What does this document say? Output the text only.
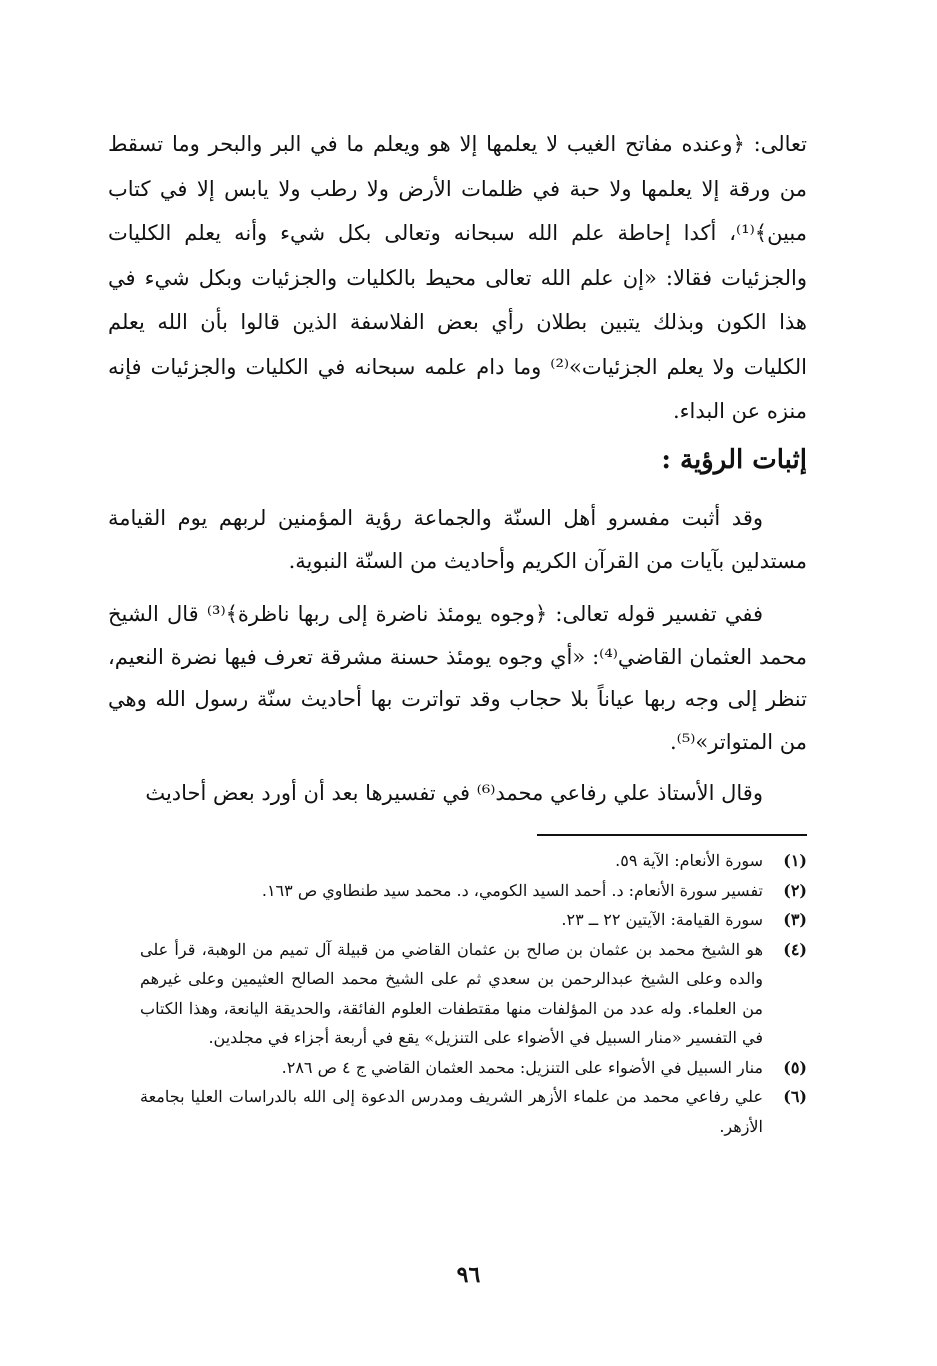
تعالى: ﴿وعنده مفاتح الغيب لا يعلمها إلا هو ويعلم ما في البر والبحر وما تسقط من ورقة إلا يعلمها ولا حبة في ظلمات الأرض ولا رطب ولا يابس إلا في كتاب مبين﴾⁽¹⁾، أكدا إحاطة علم الله سبحانه وتعالى بكل شيء وأنه يعلم الكليات والجزئيات فقالا: «إن علم الله تعالى محيط بالكليات والجزئيات وبكل شيء في هذا الكون وبذلك يتبين بطلان رأي بعض الفلاسفة الذين قالوا بأن الله يعلم الكليات ولا يعلم الجزئيات»⁽²⁾ وما دام علمه سبحانه في الكليات والجزئيات فإنه منزه عن البداء.

إثبات الرؤية :

وقد أثبت مفسرو أهل السنّة والجماعة رؤية المؤمنين لربهم يوم القيامة مستدلين بآيات من القرآن الكريم وأحاديث من السنّة النبوية.

ففي تفسير قوله تعالى: ﴿وجوه يومئذ ناضرة إلى ربها ناظرة﴾⁽³⁾ قال الشيخ محمد العثمان القاضي⁽⁴⁾: «أي وجوه يومئذ حسنة مشرقة تعرف فيها نضرة النعيم، تنظر إلى وجه ربها عياناً بلا حجاب وقد تواترت بها أحاديث سنّة رسول الله وهي من المتواتر»⁽⁵⁾.

وقال الأستاذ علي رفاعي محمد⁽⁶⁾ في تفسيرها بعد أن أورد بعض أحاديث

(١)
سورة الأنعام: الآية ٥٩.
(٢)
تفسير سورة الأنعام: د. أحمد السيد الكومي، د. محمد سيد طنطاوي ص ١٦٣.
(٣)
سورة القيامة: الآيتين ٢٢ ــ ٢٣.
(٤)
هو الشيخ محمد بن عثمان بن صالح بن عثمان القاضي من قبيلة آل تميم من الوهبة، قرأ على والده وعلى الشيخ عبدالرحمن بن سعدي ثم على الشيخ محمد الصالح العثيمين وعلى غيرهم من العلماء. وله عدد من المؤلفات منها مقتطفات العلوم الفائقة، والحديقة اليانعة، وهذا الكتاب في التفسير «منار السبيل في الأضواء على التنزيل» يقع في أربعة أجزاء في مجلدين.
(٥)
منار السبيل في الأضواء على التنزيل: محمد العثمان القاضي ج ٤ ص ٢٨٦.
(٦)
علي رفاعي محمد من علماء الأزهر الشريف ومدرس الدعوة إلى الله بالدراسات العليا بجامعة الأزهر.
٩٦
